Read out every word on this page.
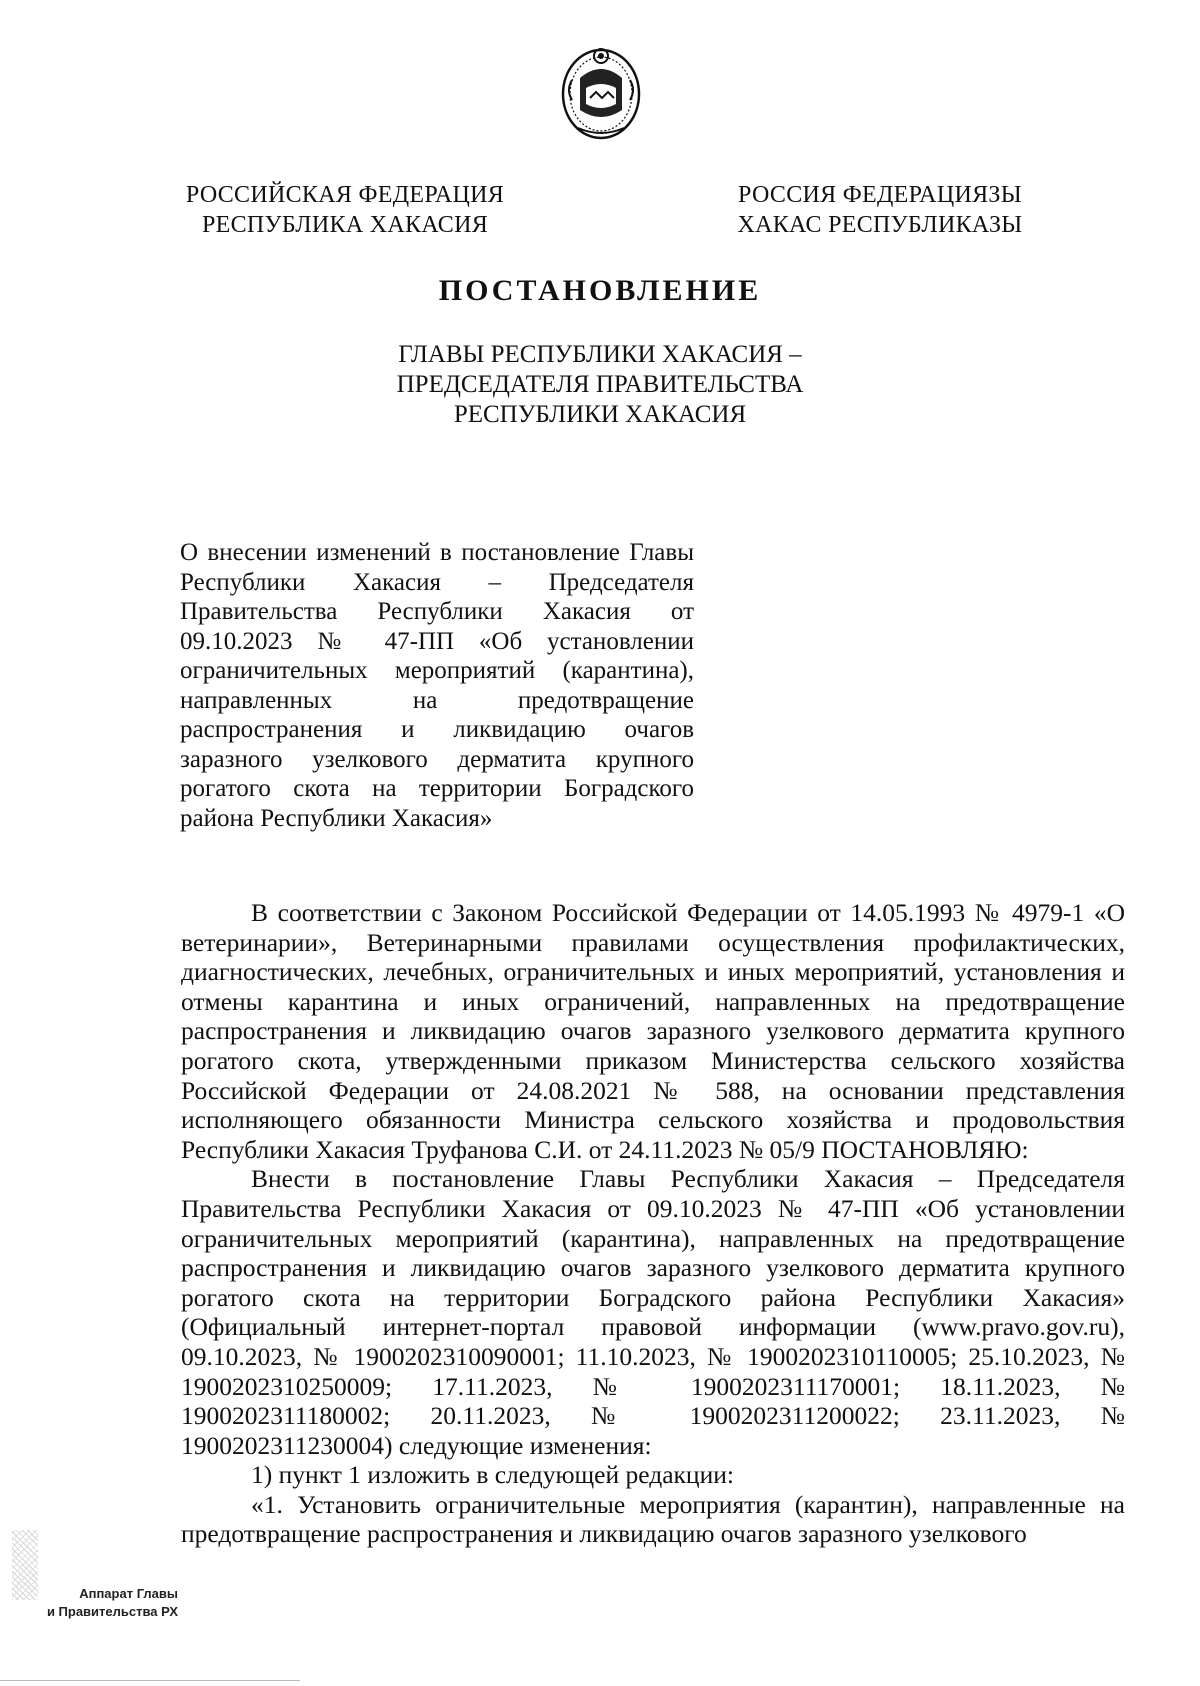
РОССИЙСКАЯ ФЕДЕРАЦИЯ
РЕСПУБЛИКА ХАКАСИЯ
РОССИЯ ФЕДЕРАЦИЯЗЫ
ХАКАС РЕСПУБЛИКАЗЫ
ПОСТАНОВЛЕНИЕ
ГЛАВЫ РЕСПУБЛИКИ ХАКАСИЯ –
ПРЕДСЕДАТЕЛЯ ПРАВИТЕЛЬСТВА
РЕСПУБЛИКИ ХАКАСИЯ
О внесении изменений в постановление Главы Республики Хакасия – Председателя Правительства Республики Хакасия от 09.10.2023 № 47-ПП «Об установлении ограничительных мероприятий (карантина), направленных на предотвращение распространения и ликвидацию очагов заразного узелкового дерматита крупного рогатого скота на территории Боградского района Республики Хакасия»

В соответствии с Законом Российской Федерации от 14.05.1993 № 4979-1 «О ветеринарии», Ветеринарными правилами осуществления профилактических, диагностических, лечебных, ограничительных и иных мероприятий, установления и отмены карантина и иных ограничений, направленных на предотвращение распространения и ликвидацию очагов заразного узелкового дерматита крупного рогатого скота, утвержденными приказом Министерства сельского хозяйства Российской Федерации от 24.08.2021 № 588, на основании представления исполняющего обязанности Министра сельского хозяйства и продовольствия Республики Хакасия Труфанова С.И. от 24.11.2023 № 05/9 ПОСТАНОВЛЯЮ:

Внести в постановление Главы Республики Хакасия – Председателя Правительства Республики Хакасия от 09.10.2023 № 47-ПП «Об установлении ограничительных мероприятий (карантина), направленных на предотвращение распространения и ликвидацию очагов заразного узелкового дерматита крупного рогатого скота на территории Боградского района Республики Хакасия» (Официальный интернет-портал правовой информации (www.pravo.gov.ru), 09.10.2023, № 1900202310090001; 11.10.2023, № 1900202310110005; 25.10.2023, № 1900202310250009; 17.11.2023, № 1900202311170001; 18.11.2023, № 1900202311180002; 20.11.2023, № 1900202311200022; 23.11.2023, № 1900202311230004) следующие изменения:

1) пункт 1 изложить в следующей редакции:

«1. Установить ограничительные мероприятия (карантин), направленные на предотвращение распространения и ликвидацию очагов заразного узелкового

Аппарат Главы
и Правительства РХ
